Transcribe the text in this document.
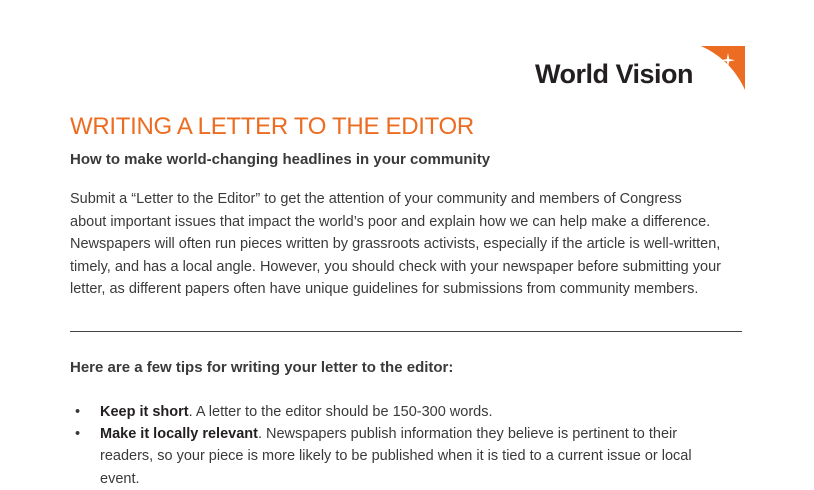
World Vision
WRITING A LETTER TO THE EDITOR
How to make world-changing headlines in your community

Submit a “Letter to the Editor” to get the attention of your community and members of Congress
about important issues that impact the world’s poor and explain how we can help make a difference.
Newspapers will often run pieces written by grassroots activists, especially if the article is well-written,
timely, and has a local angle. However, you should check with your newspaper before submitting your
letter, as different papers often have unique guidelines for submissions from community members.

Here are a few tips for writing your letter to the editor:
• Keep it short. A letter to the editor should be 150-300 words.
• Make it locally relevant. Newspapers publish information they believe is pertinent to their
readers, so your piece is more likely to be published when it is tied to a current issue or local
event.
